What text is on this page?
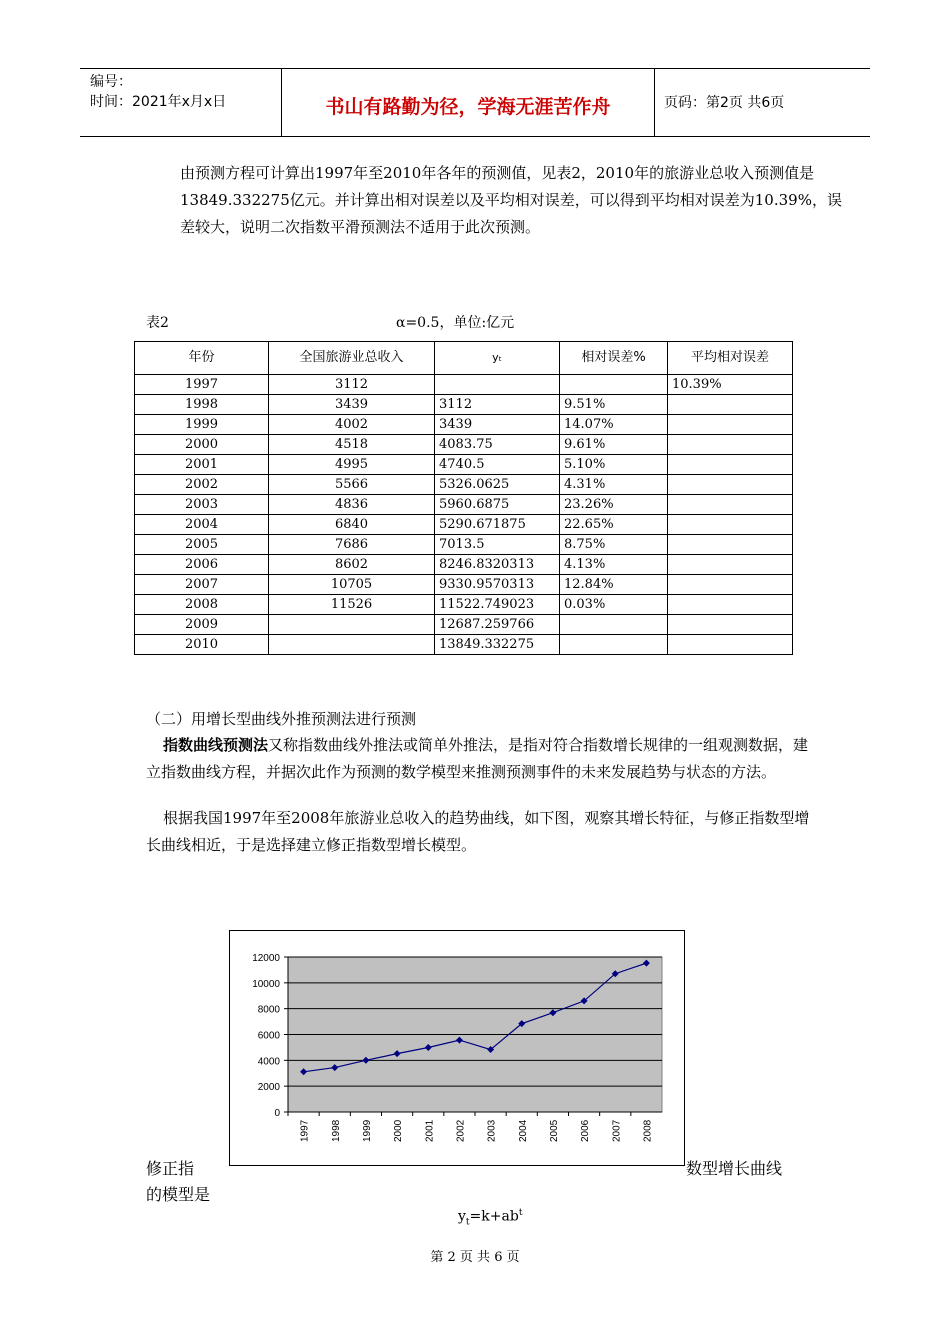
编号：
时间：2021年x月x日	书山有路勤为径，学海无涯苦作舟	页码：第2页 共6页
由预测方程可计算出1997年至2010年各年的预测值，见表2，2010年的旅游业总收入预测值是13849.332275亿元。并计算出相对误差以及平均相对误差，可以得到平均相对误差为10.39%，误差较大，说明二次指数平滑预测法不适用于此次预测。
表2	α=0.5，单位:亿元
年份	全国旅游业总收入	yₜ	相对误差%	平均相对误差
1997	3112			10.39%
1998	3439	3112	9.51%	
1999	4002	3439	14.07%	
2000	4518	4083.75	9.61%	
2001	4995	4740.5	5.10%	
2002	5566	5326.0625	4.31%	
2003	4836	5960.6875	23.26%	
2004	6840	5290.671875	22.65%	
2005	7686	7013.5	8.75%	
2006	8602	8246.8320313	4.13%	
2007	10705	9330.9570313	12.84%	
2008	11526	11522.749023	0.03%	
2009		12687.259766		
2010		13849.332275		
（二）用增长型曲线外推预测法进行预测
指数曲线预测法又称指数曲线外推法或简单外推法，是指对符合指数增长规律的一组观测数据，建立指数曲线方程，并据次此作为预测的数学模型来推测预测事件的未来发展趋势与状态的方法。
根据我国1997年至2008年旅游业总收入的趋势曲线，如下图，观察其增长特征，与修正指数型增长曲线相近，于是选择建立修正指数型增长模型。
0
2000
4000
6000
8000
10000
12000
1997 1998 1999 2000 2001 2002 2003 2004 2005 2006 2007 2008
修正指
的模型是
数型增长曲线
$y_t=k+ab^t$
第 2 页 共 6 页
